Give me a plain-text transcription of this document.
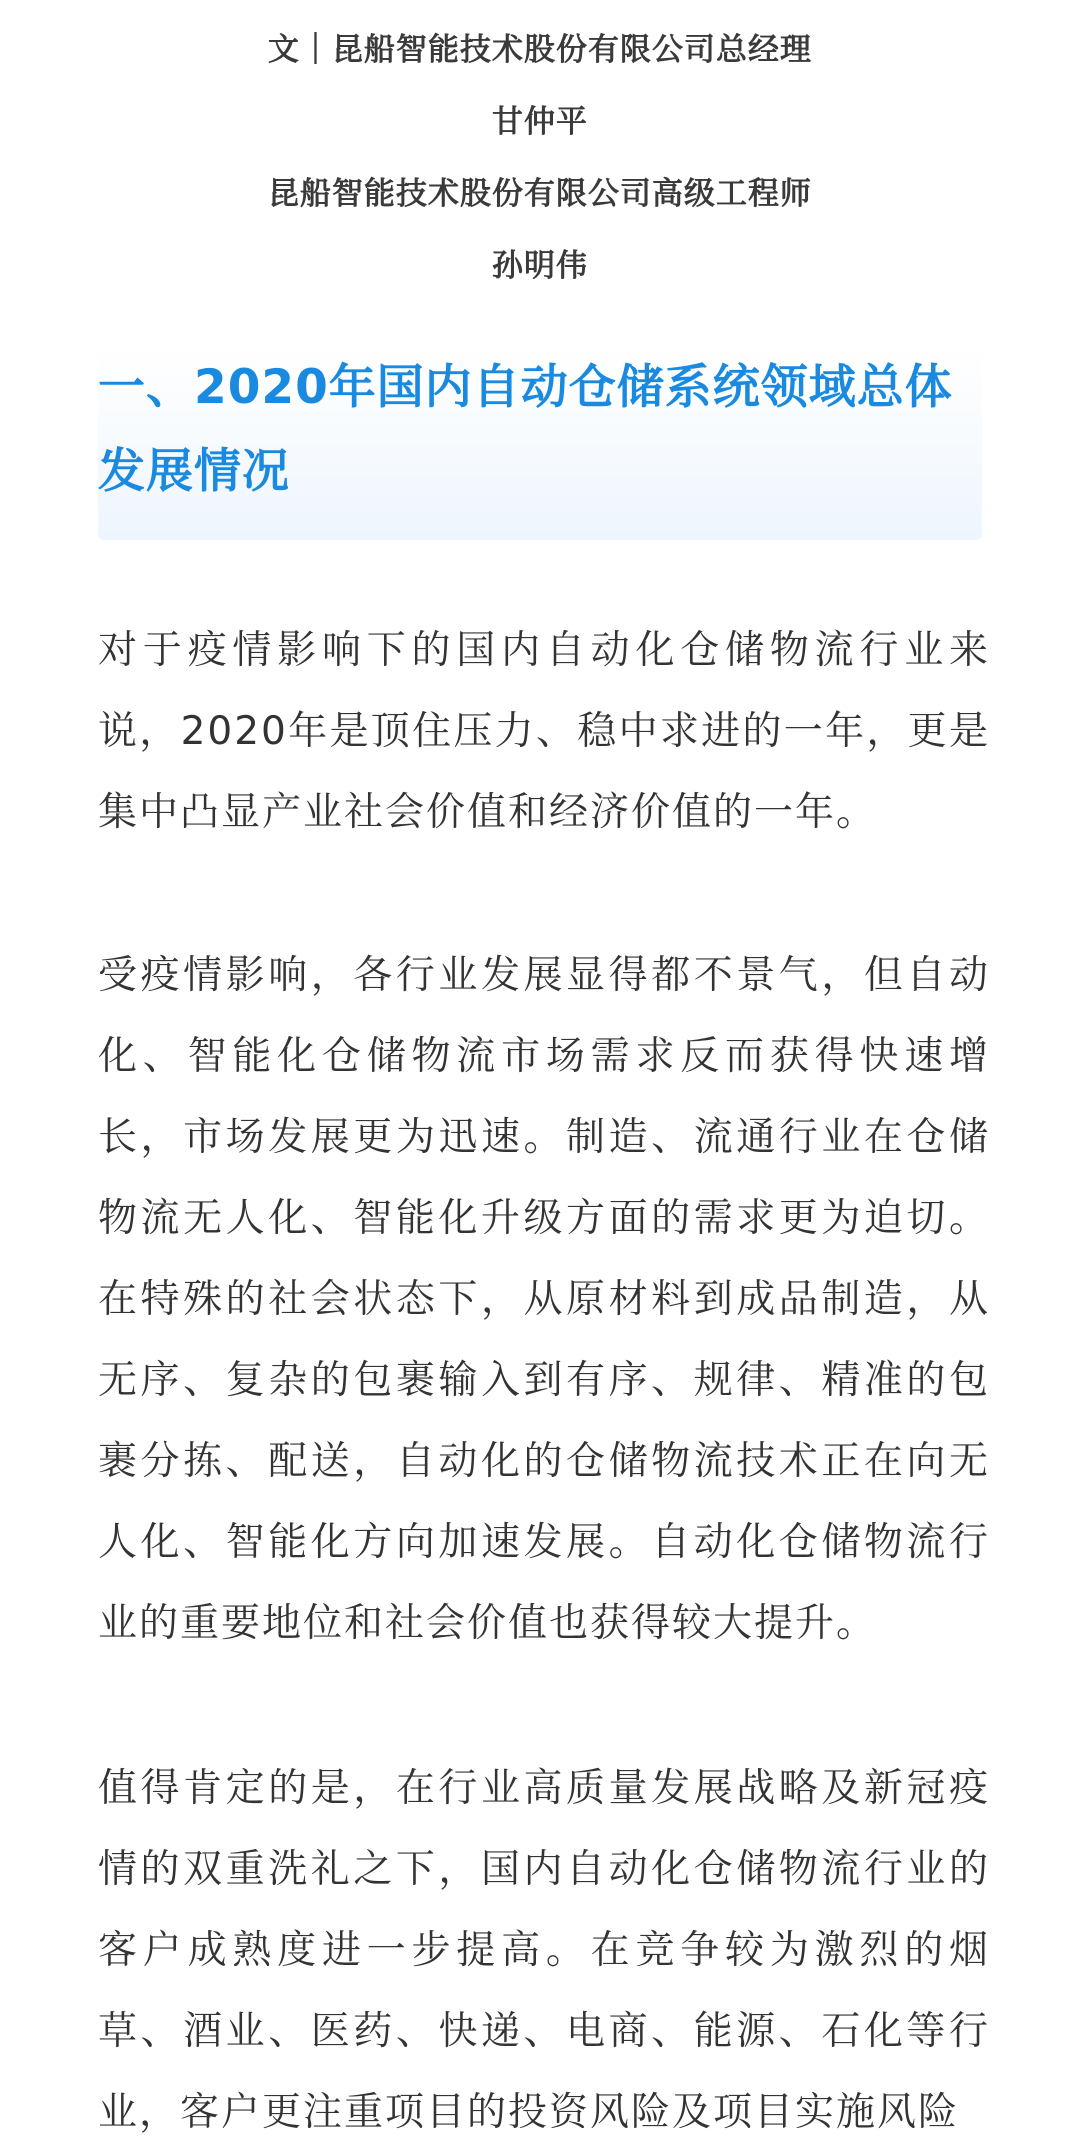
文｜昆船智能技术股份有限公司总经理
甘仲平
昆船智能技术股份有限公司高级工程师
孙明伟
一、2020年国内自动仓储系统领域总体发展情况

对于疫情影响下的国内自动化仓储物流行业来说，2020年是顶住压力、稳中求进的一年，更是集中凸显产业社会价值和经济价值的一年。

受疫情影响，各行业发展显得都不景气，但自动化、智能化仓储物流市场需求反而获得快速增长，市场发展更为迅速。制造、流通行业在仓储物流无人化、智能化升级方面的需求更为迫切。在特殊的社会状态下，从原材料到成品制造，从无序、复杂的包裹输入到有序、规律、精准的包裹分拣、配送，自动化的仓储物流技术正在向无人化、智能化方向加速发展。自动化仓储物流行业的重要地位和社会价值也获得较大提升。

值得肯定的是，在行业高质量发展战略及新冠疫情的双重洗礼之下，国内自动化仓储物流行业的客户成熟度进一步提高。在竞争较为激烈的烟草、酒业、医药、快递、电商、能源、石化等行业，客户更注重项目的投资风险及项目实施风险
